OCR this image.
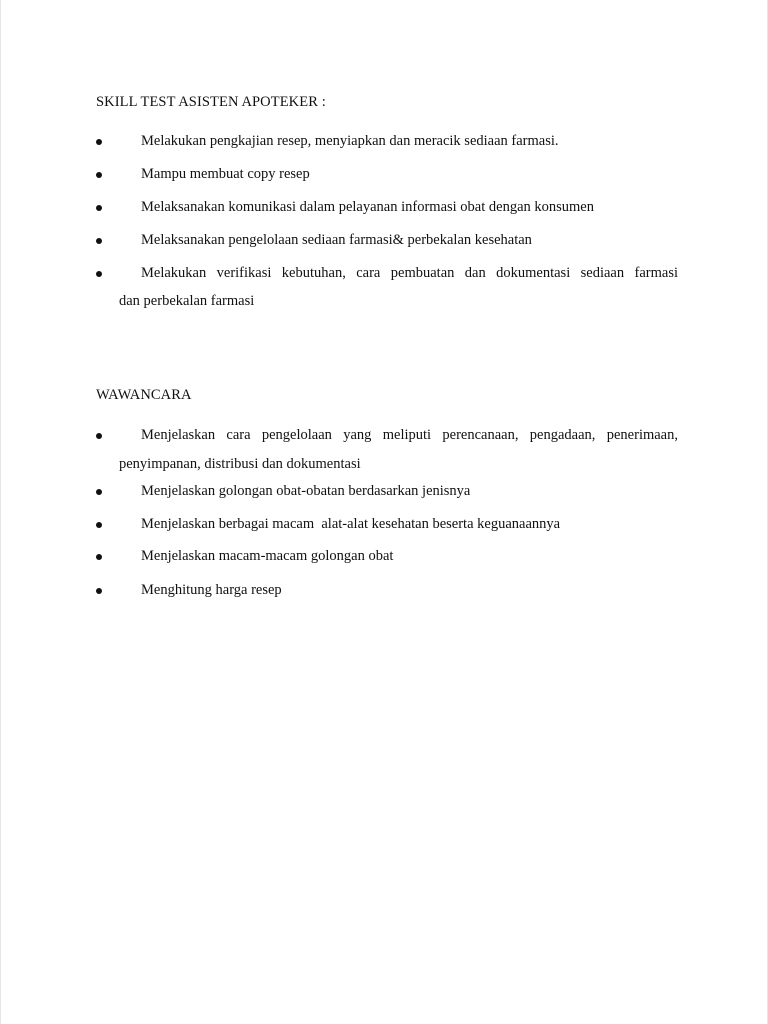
SKILL TEST ASISTEN APOTEKER :
Melakukan pengkajian resep, menyiapkan dan meracik sediaan farmasi.
Mampu membuat copy resep
Melaksanakan komunikasi dalam pelayanan informasi obat dengan konsumen
Melaksanakan pengelolaan sediaan farmasi& perbekalan kesehatan
Melakukan verifikasi kebutuhan, cara pembuatan dan dokumentasi sediaan farmasi
dan perbekalan farmasi
WAWANCARA
Menjelaskan cara pengelolaan yang meliputi perencanaan, pengadaan, penerimaan,
penyimpanan, distribusi dan dokumentasi
Menjelaskan golongan obat-obatan berdasarkan jenisnya
Menjelaskan berbagai macam  alat-alat kesehatan beserta keguanaannya
Menjelaskan macam-macam golongan obat
Menghitung harga resep
